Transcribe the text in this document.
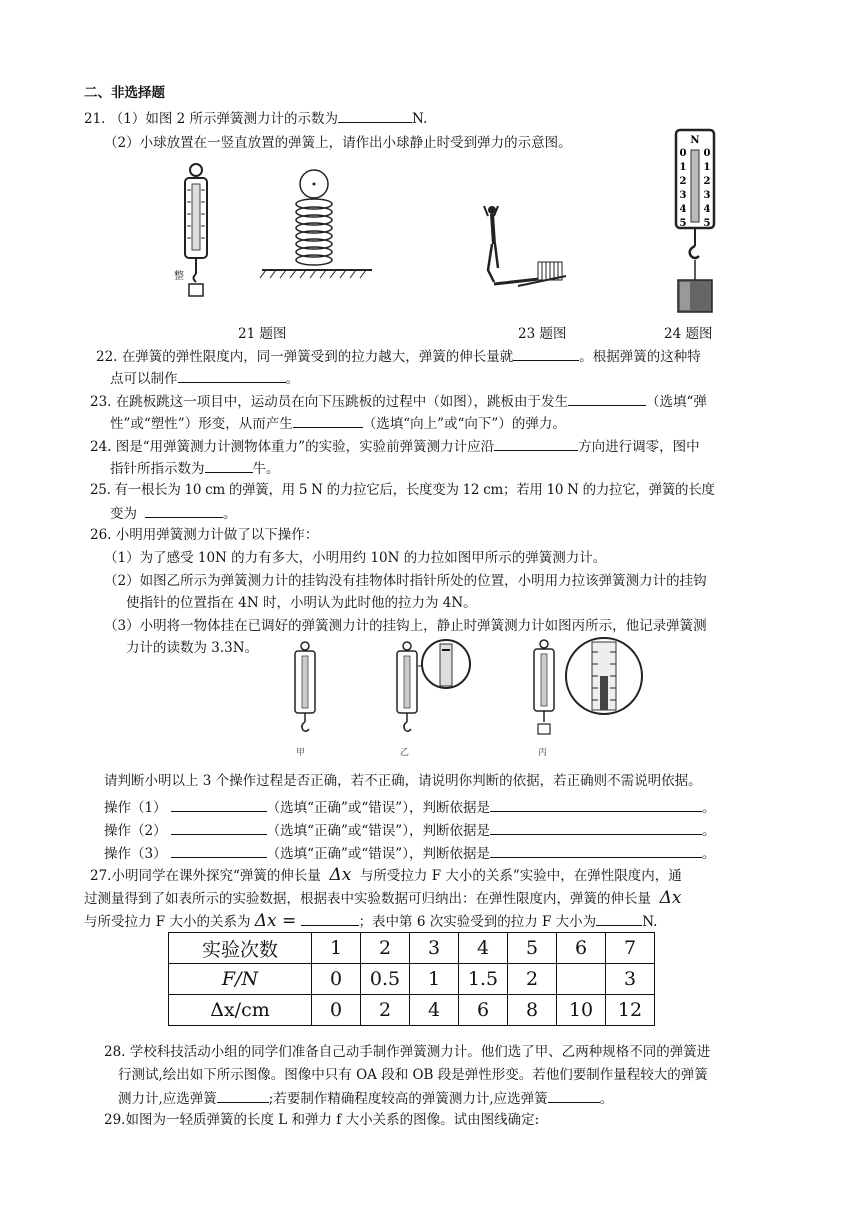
二、非选择题
21. （1）如图 2 所示弹簧测力计的示数为	N.
（2）小球放置在一竖直放置的弹簧上，请作出小球静止时受到弹力的示意图。
整
N
0
1
2
3
4
5
0
1
2
3
4
5
21 题图	23 题图	24 题图
22. 在弹簧的弹性限度内，同一弹簧受到的拉力越大，弹簧的伸长量就	。根据弹簧的这种特
点可以制作	。
23. 在跳板跳这一项目中，运动员在向下压跳板的过程中（如图），跳板由于发生	（选填“弹
性”或“塑性”）形变，从而产生	（选填“向上”或“向下”）的弹力。
24. 图是“用弹簧测力计测物体重力”的实验，实验前弹簧测力计应沿	方向进行调零，图中
指针所指示数为	牛。
25. 有一根长为 10 cm 的弹簧，用 5 N 的力拉它后，长度变为 12 cm；若用 10 N 的力拉它，弹簧的长度
变为	。
26. 小明用弹簧测力计做了以下操作：
（1）为了感受 10N 的力有多大，小明用约 10N 的力拉如图甲所示的弹簧测力计。
（2）如图乙所示为弹簧测力计的挂钩没有挂物体时指针所处的位置，小明用力拉该弹簧测力计的挂钩
使指针的位置指在 4N 时，小明认为此时他的拉力为 4N。
（3）小明将一物体挂在已调好的弹簧测力计的挂钩上，静止时弹簧测力计如图丙所示，他记录弹簧测
力计的读数为 3.3N。
甲	乙	丙
请判断小明以上 3 个操作过程是否正确，若不正确，请说明你判断的依据，若正确则不需说明依据。
操作（1）	（选填“正确”或“错误”），判断依据是	。
操作（2）	（选填“正确”或“错误”），判断依据是	。
操作（3）	（选填“正确”或“错误”），判断依据是	。
27.小明同学在课外探究“弹簧的伸长量 Δx 与所受拉力 F 大小的关系”实验中，在弹性限度内，通
过测量得到了如表所示的实验数据，根据表中实验数据可归纳出：在弹性限度内，弹簧的伸长量 Δx
与所受拉力 F 大小的关系为 Δx =	；表中第 6 次实验受到的拉力 F 大小为	N.
实验次数	1	2	3	4	5	6	7
F/N	0	0.5	1	1.5	2		3
Δx/cm	0	2	4	6	8	10	12
28. 学校科技活动小组的同学们准备自己动手制作弹簧测力计。他们选了甲、乙两种规格不同的弹簧进
行测试,绘出如下所示图像。图像中只有 OA 段和 OB 段是弹性形变。若他们要制作量程较大的弹簧
测力计,应选弹簧	;若要制作精确程度较高的弹簧测力计,应选弹簧	。
29.如图为一轻质弹簧的长度 L 和弹力 f 大小关系的图像。试由图线确定:
